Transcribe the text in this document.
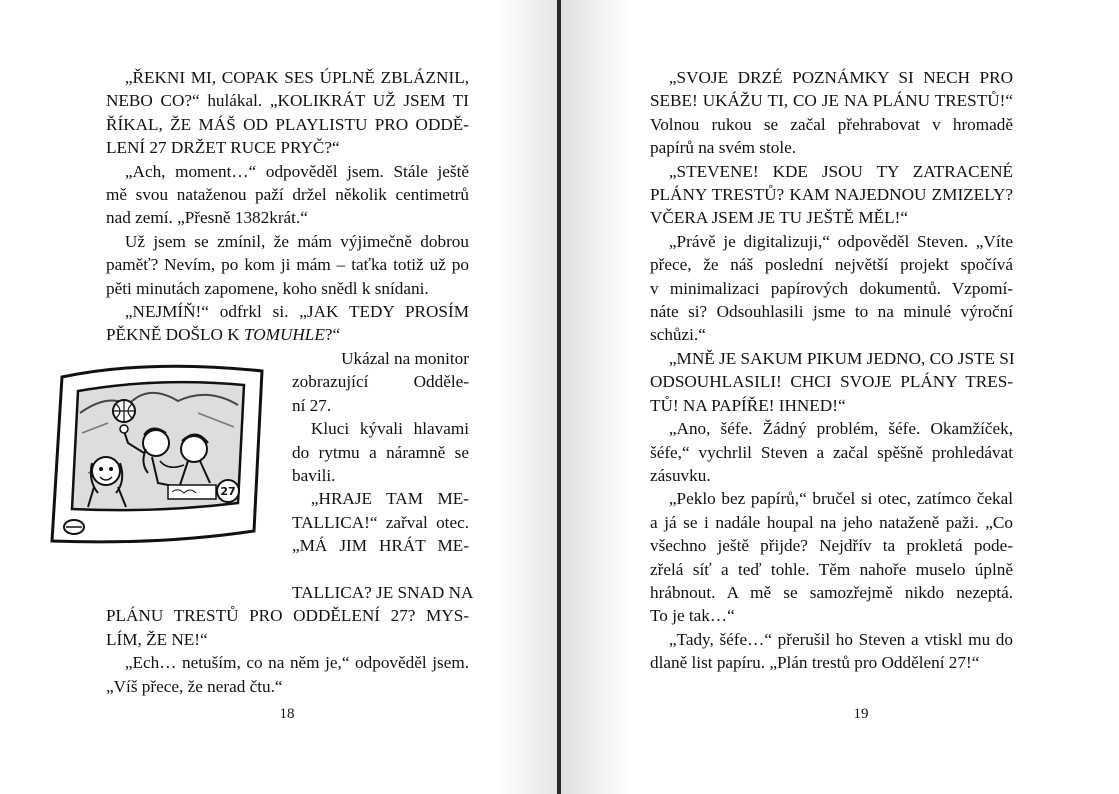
„ŘEKNI MI, COPAK SES ÚPLNĚ ZBLÁZNIL,
NEBO CO?“ hulákal. „KOLIKRÁT UŽ JSEM TI
ŘÍKAL, ŽE MÁŠ OD PLAYLISTU PRO ODDĚ-
LENÍ 27 DRŽET RUCE PRYČ?“
„Ach, moment…“ odpověděl jsem. Stále ještě
mě svou nataženou paží držel několik centimetrů
nad zemí. „Přesně 1382krát.“
Už jsem se zmínil, že mám výjimečně dobrou
paměť? Nevím, po kom ji mám – taťka totiž už po
pěti minutách zapomene, koho snědl k snídani.
„NEJMÍŇ!“ odfrkl si. „JAK TEDY PROSÍM
PĚKNĚ DOŠLO K TOMUHLE?“
27
Ukázal na monitor
zobrazující Odděle-
ní 27.
Kluci kývali hlavami
do rytmu a náramně se
bavili.
„HRAJE TAM ME-
TALLICA!“ zařval otec.
„MÁ JIM HRÁT ME-
TALLICA? JE SNAD NA
PLÁNU TRESTŮ PRO ODDĚLENÍ 27? MYS-
LÍM, ŽE NE!“
„Ech… netuším, co na něm je,“ odpověděl jsem.
„Víš přece, že nerad čtu.“
18
„SVOJE DRZÉ POZNÁMKY SI NECH PRO
SEBE! UKÁŽU TI, CO JE NA PLÁNU TRESTŮ!“
Volnou rukou se začal přehrabovat v hromadě
papírů na svém stole.
„STEVENE! KDE JSOU TY ZATRACENÉ
PLÁNY TRESTŮ? KAM NAJEDNOU ZMIZELY?
VČERA JSEM JE TU JEŠTĚ MĚL!“
„Právě je digitalizuji,“ odpověděl Steven. „Víte
přece, že náš poslední největší projekt spočívá
v minimalizaci papírových dokumentů. Vzpomí-
náte si? Odsouhlasili jsme to na minulé výroční
schůzi.“
„MNĚ JE SAKUM PIKUM JEDNO, CO JSTE SI
ODSOUHLASILI! CHCI SVOJE PLÁNY TRES-
TŮ! NA PAPÍŘE! IHNED!“
„Ano, šéfe. Žádný problém, šéfe. Okamžíček,
šéfe,“ vychrlil Steven a začal spěšně prohledávat
zásuvku.
„Peklo bez papírů,“ bručel si otec, zatímco čekal
a já se i nadále houpal na jeho nataženě paži. „Co
všechno ještě přijde? Nejdřív ta prokletá pode-
zřelá síť a teď tohle. Těm nahoře muselo úplně
hrábnout. A mě se samozřejmě nikdo nezeptá.
To je tak…“
„Tady, šéfe…“ přerušil ho Steven a vtiskl mu do
dlaně list papíru. „Plán trestů pro Oddělení 27!“
19
